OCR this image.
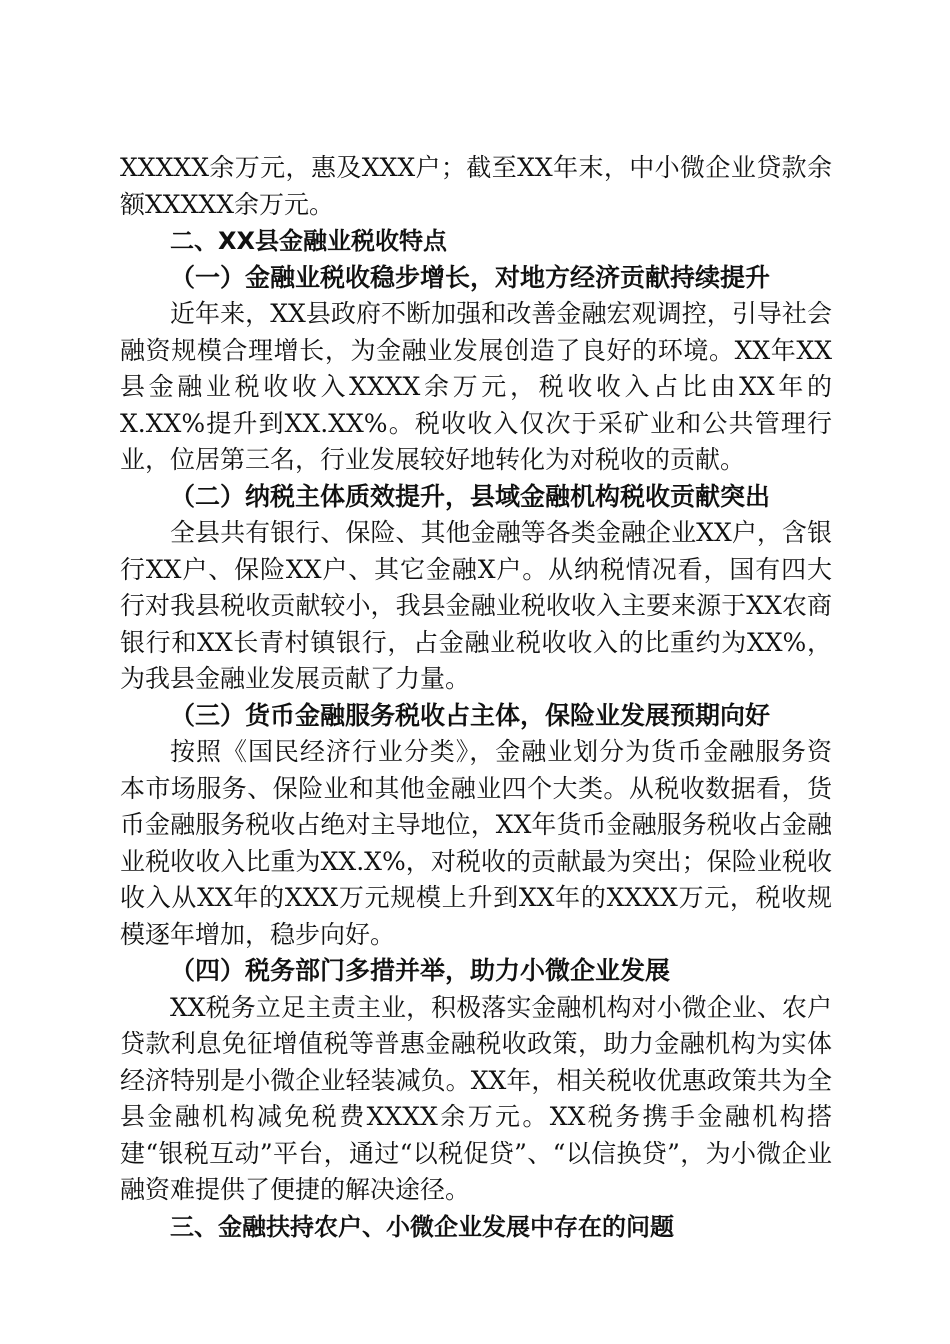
XXXXX余万元，惠及XXX户；截至XX年末，中小微企业贷款余额XXXXX余万元。

二、XX县金融业税收特点

（一）金融业税收稳步增长，对地方经济贡献持续提升

近年来，XX县政府不断加强和改善金融宏观调控，引导社会融资规模合理增长，为金融业发展创造了良好的环境。XX年XX县金融业税收收入XXXX余万元，税收收入占比由XX年的X.XX%提升到XX.XX%。税收收入仅次于采矿业和公共管理行业，位居第三名，行业发展较好地转化为对税收的贡献。

（二）纳税主体质效提升，县域金融机构税收贡献突出

全县共有银行、保险、其他金融等各类金融企业XX户，含银行XX户、保险XX户、其它金融X户。从纳税情况看，国有四大行对我县税收贡献较小，我县金融业税收收入主要来源于XX农商银行和XX长青村镇银行，占金融业税收收入的比重约为XX%，为我县金融业发展贡献了力量。

（三）货币金融服务税收占主体，保险业发展预期向好

按照《国民经济行业分类》，金融业划分为货币金融服务资本市场服务、保险业和其他金融业四个大类。从税收数据看，货币金融服务税收占绝对主导地位，XX年货币金融服务税收占金融业税收收入比重为XX.X%，对税收的贡献最为突出；保险业税收收入从XX年的XXX万元规模上升到XX年的XXXX万元，税收规模逐年增加，稳步向好。

（四）税务部门多措并举，助力小微企业发展

XX税务立足主责主业，积极落实金融机构对小微企业、农户贷款利息免征增值税等普惠金融税收政策，助力金融机构为实体经济特别是小微企业轻装减负。XX年，相关税收优惠政策共为全县金融机构减免税费XXXX余万元。XX税务携手金融机构搭建“银税互动”平台，通过“以税促贷”、“以信换贷”，为小微企业融资难提供了便捷的解决途径。

三、金融扶持农户、小微企业发展中存在的问题
